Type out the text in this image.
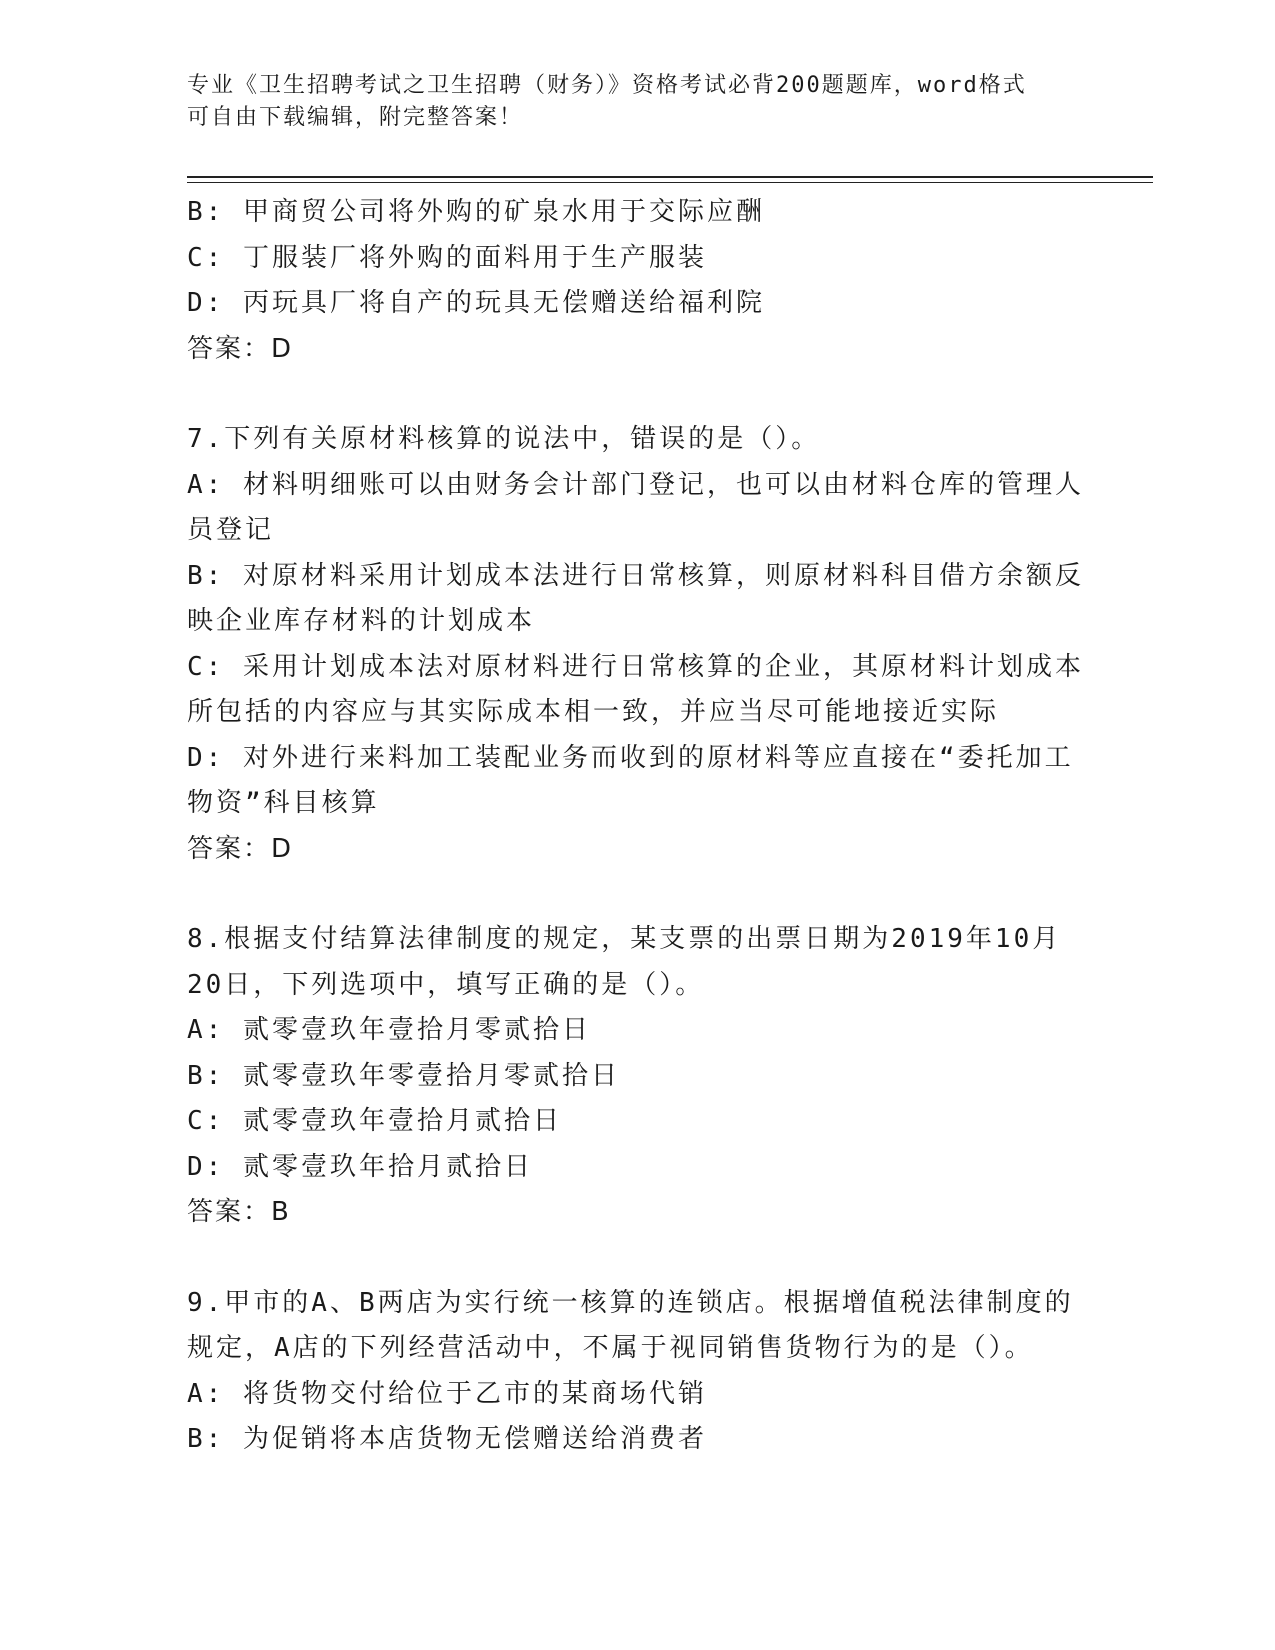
专业《卫生招聘考试之卫生招聘（财务）》资格考试必背200题题库，word格式
可自由下载编辑，附完整答案！
B: 甲商贸公司将外购的矿泉水用于交际应酬
C: 丁服装厂将外购的面料用于生产服装
D: 丙玩具厂将自产的玩具无偿赠送给福利院
答案：D
7.下列有关原材料核算的说法中，错误的是（）。
A: 材料明细账可以由财务会计部门登记，也可以由材料仓库的管理人
员登记
B: 对原材料采用计划成本法进行日常核算，则原材料科目借方余额反
映企业库存材料的计划成本
C: 采用计划成本法对原材料进行日常核算的企业，其原材料计划成本
所包括的内容应与其实际成本相一致，并应当尽可能地接近实际
D: 对外进行来料加工装配业务而收到的原材料等应直接在“委托加工
物资”科目核算
答案：D
8.根据支付结算法律制度的规定，某支票的出票日期为2019年10月
20日，下列选项中，填写正确的是（）。
A: 贰零壹玖年壹拾月零贰拾日
B: 贰零壹玖年零壹拾月零贰拾日
C: 贰零壹玖年壹拾月贰拾日
D: 贰零壹玖年拾月贰拾日
答案：B
9.甲市的A、B两店为实行统一核算的连锁店。根据增值税法律制度的
规定，A店的下列经营活动中，不属于视同销售货物行为的是（）。
A: 将货物交付给位于乙市的某商场代销
B: 为促销将本店货物无偿赠送给消费者
